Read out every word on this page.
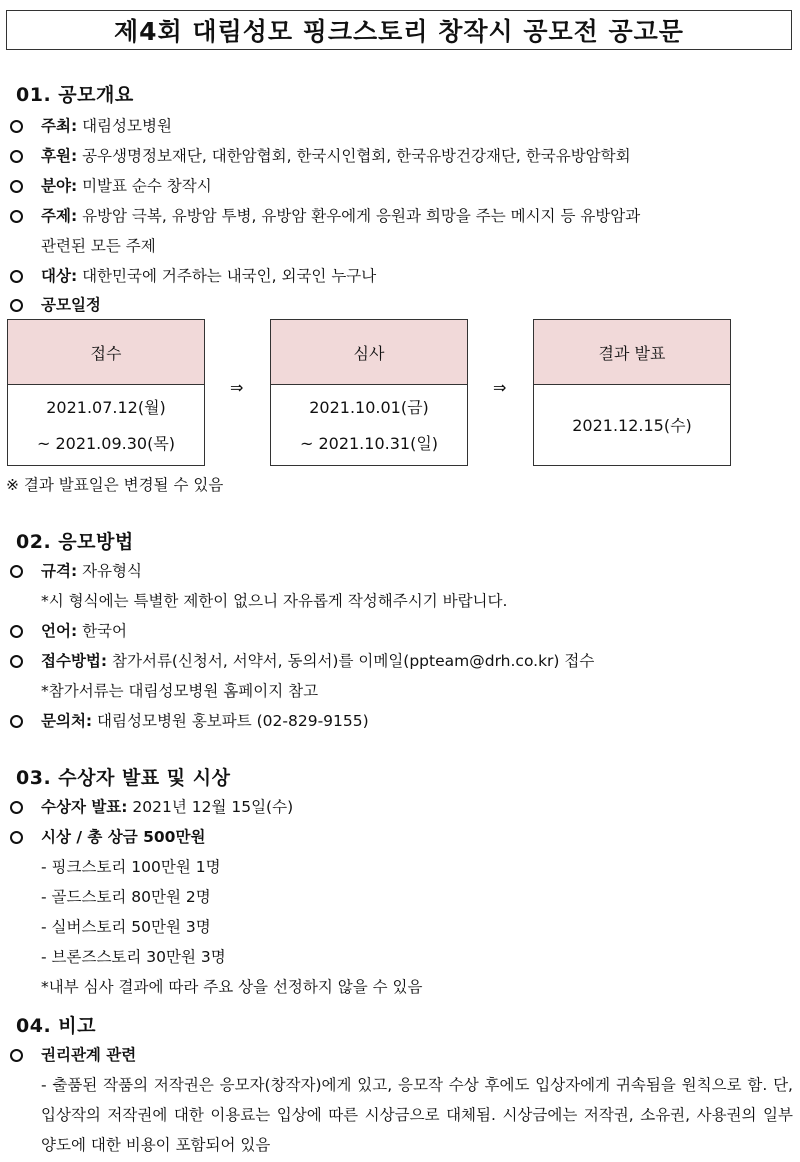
제4회 대림성모 핑크스토리 창작시 공모전 공고문
01. 공모개요
주최: 대림성모병원
후원: 공우생명정보재단, 대한암협회, 한국시인협회, 한국유방건강재단, 한국유방암학회
분야: 미발표 순수 창작시
주제: 유방암 극복, 유방암 투병, 유방암 환우에게 응원과 희망을 주는 메시지 등 유방암과
관련된 모든 주제
대상: 대한민국에 거주하는 내국인, 외국인 누구나
공모일정
접수
2021.07.12(월)
~ 2021.09.30(목)
⇒
심사
2021.10.01(금)
~ 2021.10.31(일)
⇒
결과 발표
2021.12.15(수)
※ 결과 발표일은 변경될 수 있음
02. 응모방법
규격: 자유형식
*시 형식에는 특별한 제한이 없으니 자유롭게 작성해주시기 바랍니다.
언어: 한국어
접수방법: 참가서류(신청서, 서약서, 동의서)를 이메일(ppteam@drh.co.kr) 접수
*참가서류는 대림성모병원 홈페이지 참고
문의처: 대림성모병원 홍보파트 (02-829-9155)
03. 수상자 발표 및 시상
수상자 발표: 2021년 12월 15일(수)
시상 / 총 상금 500만원
- 핑크스토리 100만원 1명
- 골드스토리 80만원 2명
- 실버스토리 50만원 3명
- 브론즈스토리 30만원 3명
*내부 심사 결과에 따라 주요 상을 선정하지 않을 수 있음
04. 비고
권리관계 관련
- 출품된 작품의 저작권은 응모자(창작자)에게 있고, 응모작 수상 후에도 입상자에게 귀속됨을 원칙으로 함. 단, 입상작의 저작권에 대한 이용료는 입상에 따른 시상금으로 대체됨. 시상금에는 저작권, 소유권, 사용권의 일부 양도에 대한 비용이 포함되어 있음
